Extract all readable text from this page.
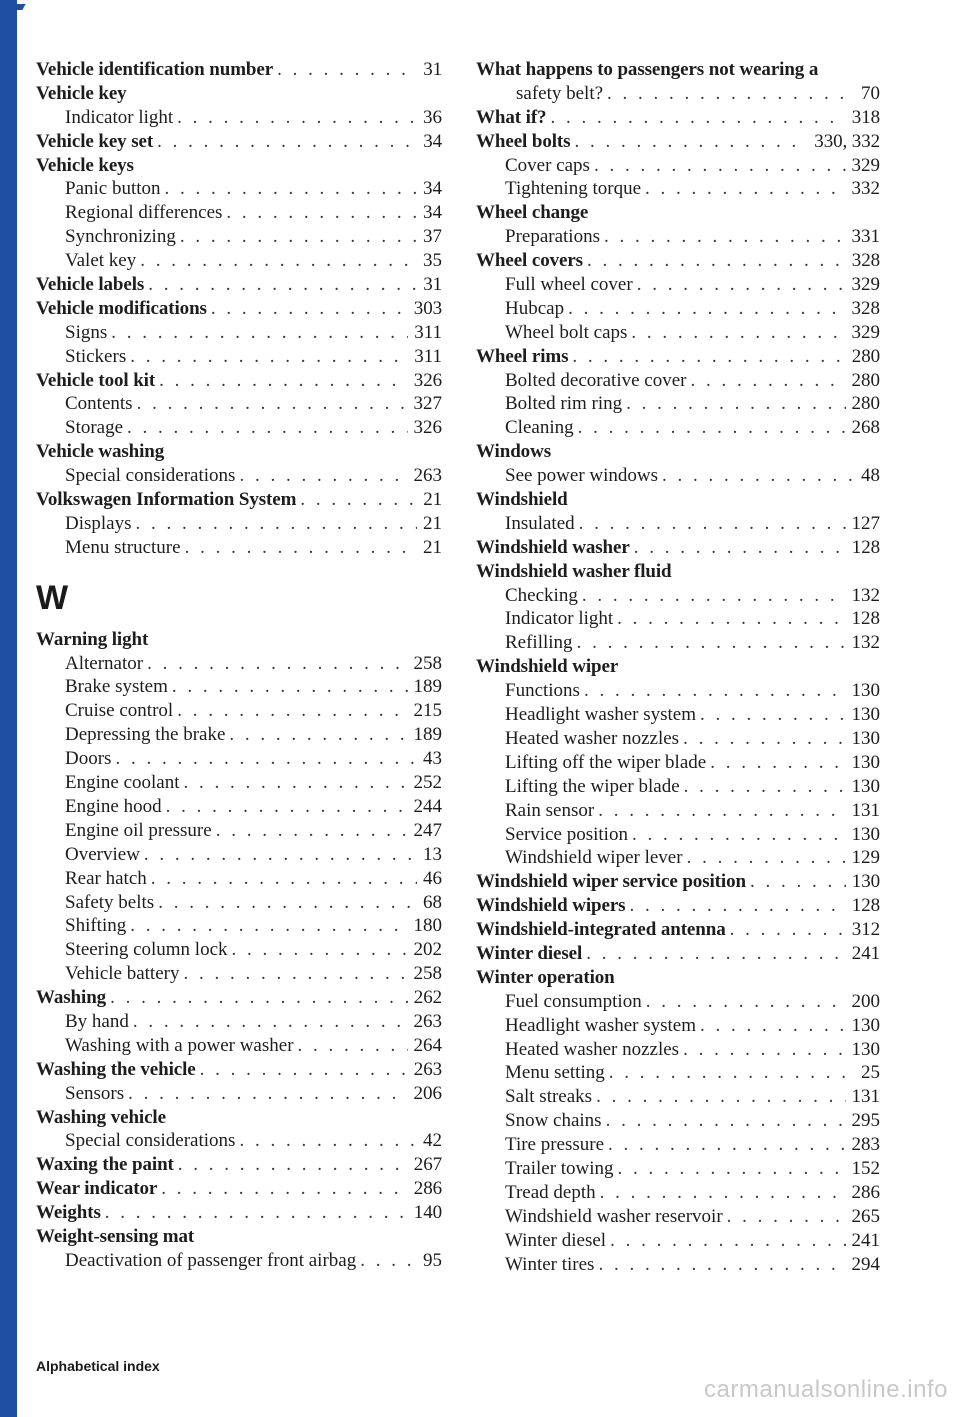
Vehicle identification number . . .	31
Vehicle key
Indicator light . . .	36
Vehicle key set . . .	34
Vehicle keys
Panic button . . .	34
Regional differences . . .	34
Synchronizing . . .	37
Valet key . . .	35
Vehicle labels . . .	31
Vehicle modifications . . .	303
Signs . . .	311
Stickers . . .	311
Vehicle tool kit . . .	326
Contents . . .	327
Storage . . .	326
Vehicle washing
Special considerations . . .	263
Volkswagen Information System . . .	21
Displays . . .	21
Menu structure . . .	21
W
Warning light
Alternator . . .	258
Brake system . . .	189
Cruise control . . .	215
Depressing the brake . . .	189
Doors . . .	43
Engine coolant . . .	252
Engine hood . . .	244
Engine oil pressure . . .	247
Overview . . .	13
Rear hatch . . .	46
Safety belts . . .	68
Shifting . . .	180
Steering column lock . . .	202
Vehicle battery . . .	258
Washing . . .	262
By hand . . .	263
Washing with a power washer . . .	264
Washing the vehicle . . .	263
Sensors . . .	206
Washing vehicle
Special considerations . . .	42
Waxing the paint . . .	267
Wear indicator . . .	286
Weights . . .	140
Weight-sensing mat
Deactivation of passenger front airbag . . .	95
What happens to passengers not wearing a
safety belt? . . .	70
What if? . . .	318
Wheel bolts . . .	330, 332
Cover caps . . .	329
Tightening torque . . .	332
Wheel change
Preparations . . .	331
Wheel covers . . .	328
Full wheel cover . . .	329
Hubcap . . .	328
Wheel bolt caps . . .	329
Wheel rims . . .	280
Bolted decorative cover . . .	280
Bolted rim ring . . .	280
Cleaning . . .	268
Windows
See power windows . . .	48
Windshield
Insulated . . .	127
Windshield washer . . .	128
Windshield washer fluid
Checking . . .	132
Indicator light . . .	128
Refilling . . .	132
Windshield wiper
Functions . . .	130
Headlight washer system . . .	130
Heated washer nozzles . . .	130
Lifting off the wiper blade . . .	130
Lifting the wiper blade . . .	130
Rain sensor . . .	131
Service position . . .	130
Windshield wiper lever . . .	129
Windshield wiper service position . . .	130
Windshield wipers . . .	128
Windshield-integrated antenna . . .	312
Winter diesel . . .	241
Winter operation
Fuel consumption . . .	200
Headlight washer system . . .	130
Heated washer nozzles . . .	130
Menu setting . . .	25
Salt streaks . . .	131
Snow chains . . .	295
Tire pressure . . .	283
Trailer towing . . .	152
Tread depth . . .	286
Windshield washer reservoir . . .	265
Winter diesel . . .	241
Winter tires . . .	294
Alphabetical index
carmanualsonline.info
